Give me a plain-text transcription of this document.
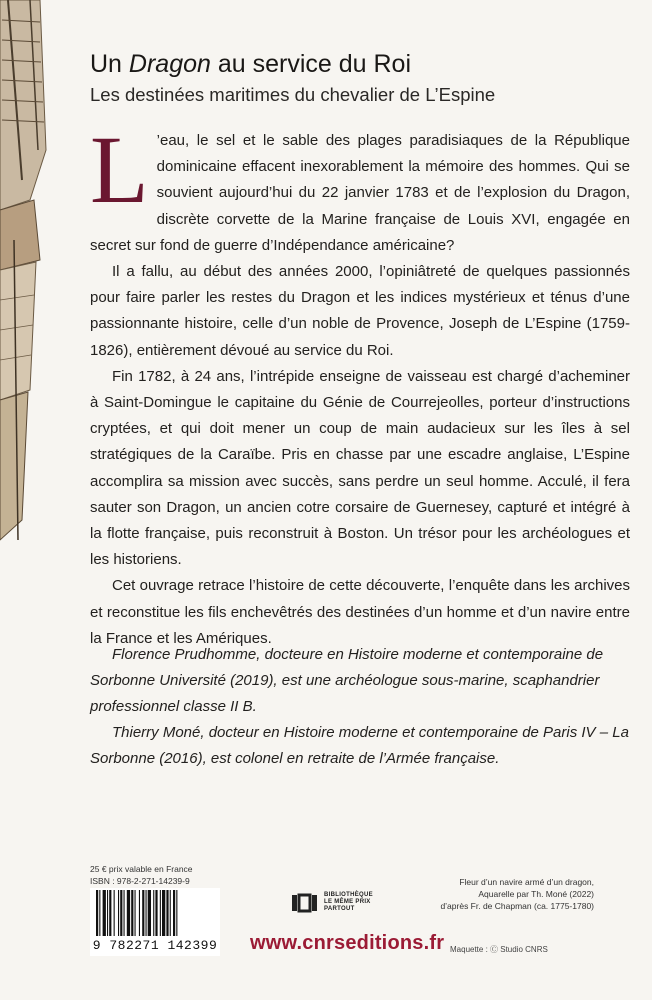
Un Dragon au service du Roi
Les destinées maritimes du chevalier de L’Espine

L ’eau, le sel et le sable des plages paradisiaques de la République dominicaine effacent inexorablement la mémoire des hommes. Qui se souvient aujourd’hui du 22 janvier 1783 et de l’explosion du Dragon, discrète corvette de la Marine française de Louis XVI, engagée en secret sur fond de guerre d’Indépendance américaine?

Il a fallu, au début des années 2000, l’opiniâtreté de quelques passionnés pour faire parler les restes du Dragon et les indices mystérieux et ténus d’une passionnante histoire, celle d’un noble de Provence, Joseph de L’Espine (1759-1826), entièrement dévoué au service du Roi.

Fin 1782, à 24 ans, l’intrépide enseigne de vaisseau est chargé d’acheminer à Saint-Domingue le capitaine du Génie de Courrejeolles, porteur d’instructions cryptées, et qui doit mener un coup de main audacieux sur les îles à sel stratégiques de la Caraïbe. Pris en chasse par une escadre anglaise, L’Espine accomplira sa mission avec succès, sans perdre un seul homme. Acculé, il fera sauter son Dragon, un ancien cotre corsaire de Guernesey, capturé et intégré à la flotte française, puis reconstruit à Boston. Un trésor pour les archéologues et les historiens.

Cet ouvrage retrace l’histoire de cette découverte, l’enquête dans les archives et reconstitue les fils enchevêtrés des destinées d’un homme et d’un navire entre la France et les Amériques.

Florence Prudhomme, docteure en Histoire moderne et contemporaine de Sorbonne Université (2019), est une archéologue sous-marine, scaphandrier professionnel classe II B.

Thierry Moné, docteur en Histoire moderne et contemporaine de Paris IV – La Sorbonne (2016), est colonel en retraite de l’Armée française.

25 € prix valable en France
ISBN : 978-2-271-14239-9
9 782271 142399
BIBLIOTHÈQUE
LE MÊME PRIX
PARTOUT
www.cnrseditions.fr
Fleur d’un navire armé d’un dragon,
Aquarelle par Th. Moné (2022)
d’après Fr. de Chapman (ca. 1775-1780)
Maquette : Ⓒ Studio CNRS
